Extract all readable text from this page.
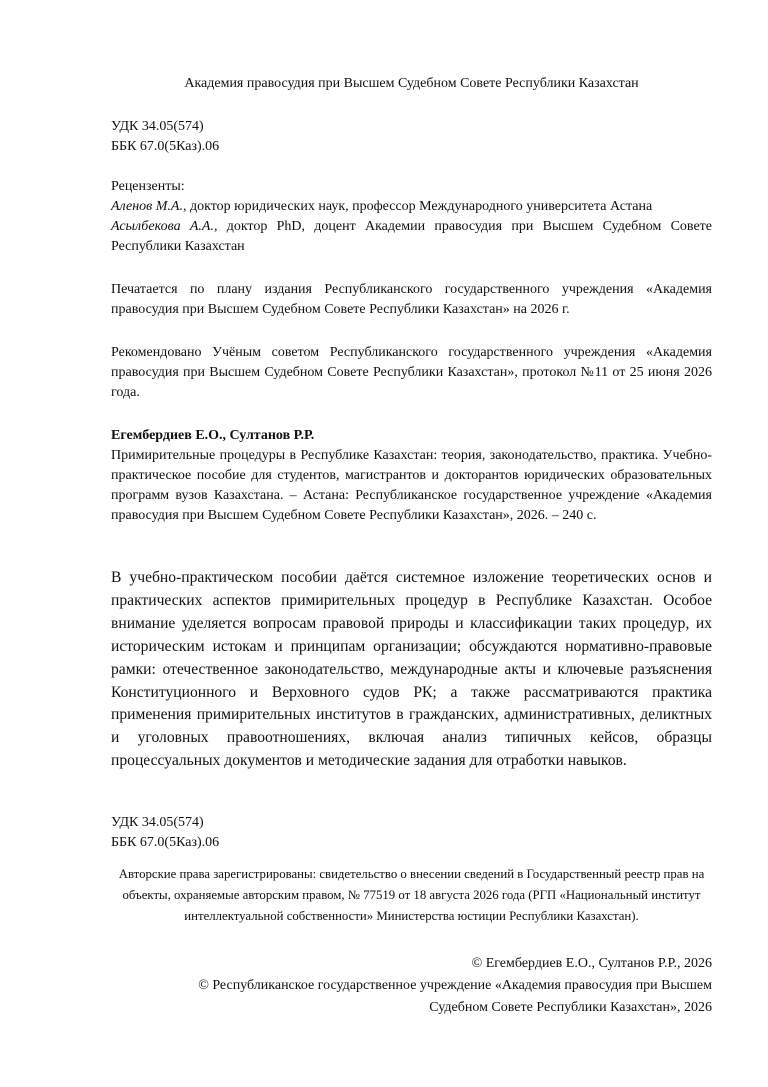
Академия правосудия при Высшем Судебном Совете Республики Казахстан

УДК 34.05(574)

ББК 67.0(5Каз).06

Рецензенты:

Аленов М.А., доктор юридических наук, профессор Международного университета Астана

Асылбекова А.А., доктор PhD, доцент Академии правосудия при Высшем Судебном Совете Республики Казахстан

Печатается по плану издания Республиканского государственного учреждения «Академия правосудия при Высшем Судебном Совете Республики Казахстан» на 2026 г.

Рекомендовано Учёным советом Республиканского государственного учреждения «Академия правосудия при Высшем Судебном Совете Республики Казахстан», протокол №11 от 25 июня 2026 года.

Егембердиев Е.О., Султанов Р.Р.

Примирительные процедуры в Республике Казахстан: теория, законодательство, практика. Учебно-практическое пособие для студентов, магистрантов и докторантов юридических образовательных программ вузов Казахстана. – Астана: Республиканское государственное учреждение «Академия правосудия при Высшем Судебном Совете Республики Казахстан», 2026. – 240 с.

В учебно-практическом пособии даётся системное изложение теоретических основ и практических аспектов примирительных процедур в Республике Казахстан. Особое внимание уделяется вопросам правовой природы и классификации таких процедур, их историческим истокам и принципам организации; обсуждаются нормативно-правовые рамки: отечественное законодательство, международные акты и ключевые разъяснения Конституционного и Верховного судов РК; а также рассматриваются практика применения примирительных институтов в гражданских, административных, деликтных и уголовных правоотношениях, включая анализ типичных кейсов, образцы процессуальных документов и методические задания для отработки навыков.

УДК 34.05(574)

ББК 67.0(5Каз).06

Авторские права зарегистрированы: свидетельство о внесении сведений в Государственный реестр прав на объекты, охраняемые авторским правом, № 77519 от 18 августа 2026 года (РГП «Национальный институт интеллектуальной собственности» Министерства юстиции Республики Казахстан).

© Егембердиев Е.О., Султанов Р.Р., 2026

© Республиканское государственное учреждение «Академия правосудия при Высшем Судебном Совете Республики Казахстан», 2026
